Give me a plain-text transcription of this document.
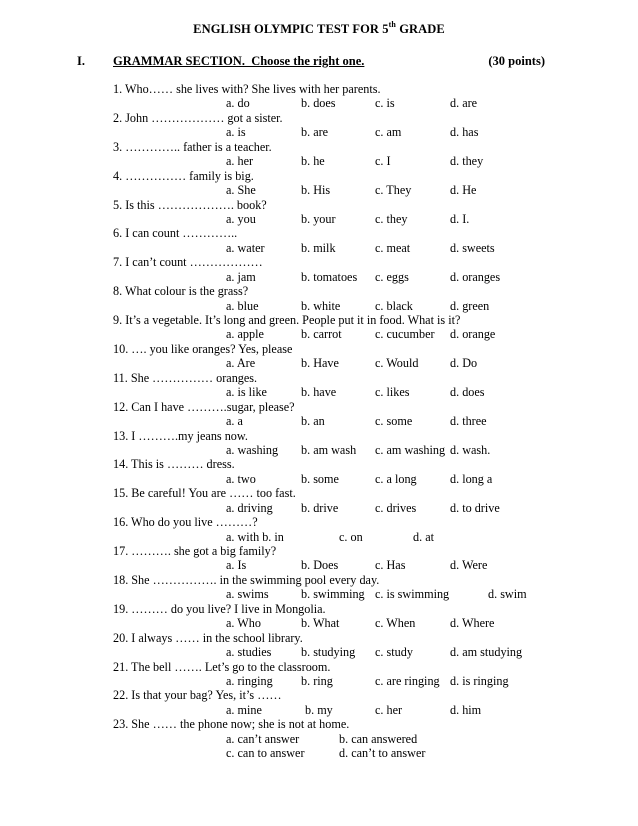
ENGLISH OLYMPIC TEST FOR 5th GRADE
I. GRAMMAR SECTION.  Choose the right one.	(30 points)
1. Who…… she lives with? She lives with her parents.
a. do	b. does	c. is	d. are
2. John ……………… got a sister.
a. is	b. are	c. am	d. has
3. ………….. father is a teacher.
a. her	b. he	c. I	d. they
4. …………… family is big.
a. She	b. His	c. They	d. He
5. Is this ………………. book?
a. you	b. your	c. they	d. I.
6. I can count …………..
a. water	b. milk	c. meat	d. sweets
7. I can’t count ………………
a. jam	b. tomatoes c. eggs	d. oranges
8. What colour is the grass?
a. blue	b. white	c. black	d. green
9. It’s a vegetable. It’s long and green. People put it in food. What is it?
a. apple	b. carrot	c. cucumber d. orange
10. …. you like oranges? Yes, please
a. Are	b. Have	c. Would	d. Do
11. She …………… oranges.
a. is like	b. have	c. likes	d. does
12. Can I have ……….sugar, please?
a. a	b. an	c. some	d. three
13. I ……….my jeans now.
a. washing b. am wash c. am washing d. wash.
14. This is ……… dress.
a. two	b. some	c. a long	d. long a
15. Be careful! You are …… too fast.
a. driving b. drive	c. drives	d. to drive
16. Who do you live ………?
a. with b. in	c. on	d. at
17. ………. she got a big family?
a. Is	b. Does	c. Has	d. Were
18. She ……………. in the swimming pool every day.
a. swims	b. swimming c. is swimming	d. swim
19. ……… do you live? I live in Mongolia.
a. Who	b. What	c. When	d. Where
20. I always …… in the school library.
a. studies b. studying c. study	d. am studying
21. The bell ……. Let’s go to the classroom.
a. ringing b. ring	c. are ringing d. is ringing
22. Is that your bag? Yes, it’s ……
a. mine	b. my	c. her	d. him
23. She …… the phone now; she is not at home.
a. can’t answer	b. can answered
c. can to answer	d. can’t to answer
